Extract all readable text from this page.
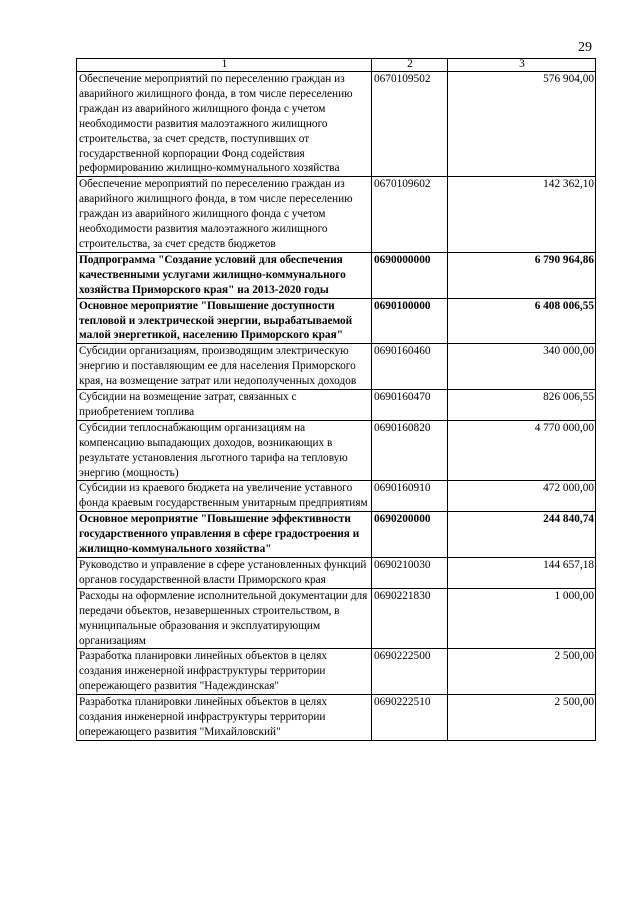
29
1	2	3
Обеспечение мероприятий по переселению граждан из аварийного жилищного фонда, в том числе переселению граждан из аварийного жилищного фонда с учетом необходимости развития малоэтажного жилищного строительства, за счет средств, поступивших от государственной корпорации Фонд содействия реформированию жилищно-коммунального хозяйства	0670109502	576 904,00
Обеспечение мероприятий по переселению граждан из аварийного жилищного фонда, в том числе переселению граждан из аварийного жилищного фонда с учетом необходимости развития малоэтажного жилищного строительства, за счет средств бюджетов	0670109602	142 362,10
Подпрограмма "Создание условий для обеспечения качественными услугами жилищно-коммунального хозяйства Приморского края" на 2013-2020 годы	0690000000	6 790 964,86
Основное мероприятие "Повышение доступности тепловой и электрической энергии, вырабатываемой малой энергетикой, населению Приморского края"	0690100000	6 408 006,55
Субсидии организациям, производящим электрическую энергию и поставляющим ее для населения Приморского края, на возмещение затрат или недополученных доходов	0690160460	340 000,00
Субсидии на возмещение затрат, связанных с приобретением топлива	0690160470	826 006,55
Субсидии теплоснабжающим организациям на компенсацию выпадающих доходов, возникающих в результате установления льготного тарифа на тепловую энергию (мощность)	0690160820	4 770 000,00
Субсидии из краевого бюджета на увеличение уставного фонда краевым государственным унитарным предприятиям	0690160910	472 000,00
Основное мероприятие "Повышение эффективности государственного управления в сфере градостроения и жилищно-коммунального хозяйства"	0690200000	244 840,74
Руководство и управление в сфере установленных функций органов государственной власти Приморского края	0690210030	144 657,18
Расходы на оформление исполнительной документации для передачи объектов, незавершенных строительством, в муниципальные образования и эксплуатирующим организациям	0690221830	1 000,00
Разработка планировки линейных объектов в целях создания инженерной инфраструктуры территории опережающего развития "Надеждинская"	0690222500	2 500,00
Разработка планировки линейных объектов в целях создания инженерной инфраструктуры территории опережающего развития "Михайловский"	0690222510	2 500,00
